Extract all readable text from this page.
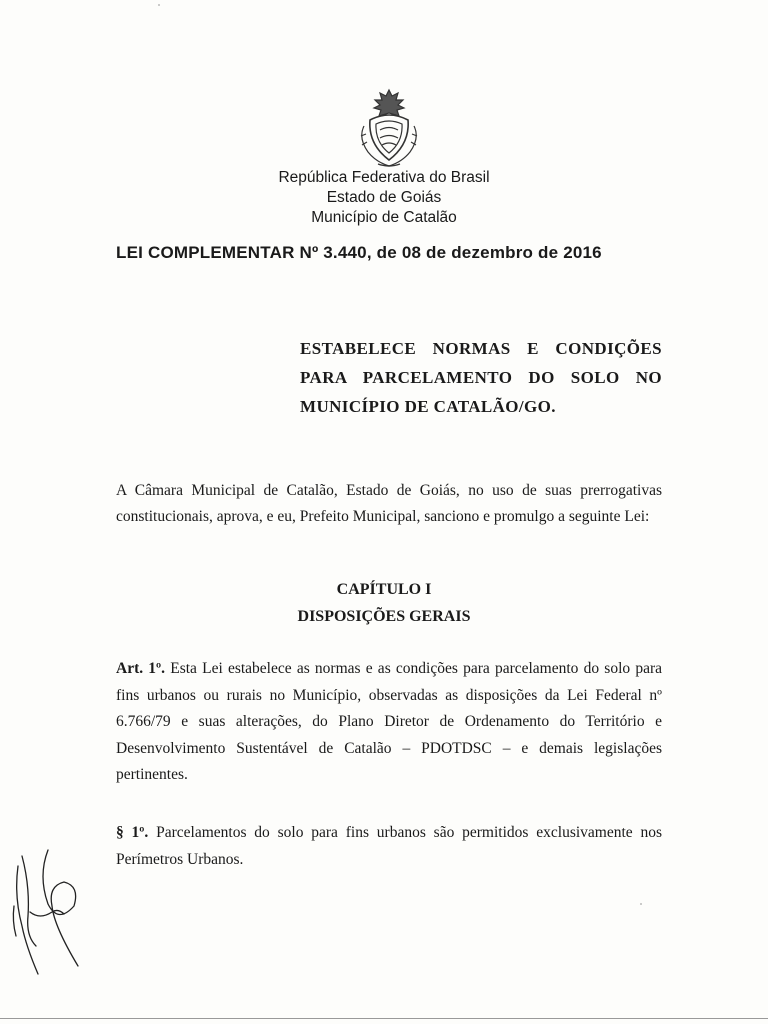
República Federativa do Brasil
Estado de Goiás
Município de Catalão
LEI COMPLEMENTAR Nº 3.440, de 08 de dezembro de 2016
ESTABELECE NORMAS E CONDIÇÕES
PARA PARCELAMENTO DO SOLO NO
MUNICÍPIO DE CATALÃO/GO.
A Câmara Municipal de Catalão, Estado de Goiás, no uso de suas prerrogativas constitucionais, aprova, e eu, Prefeito Municipal, sanciono e promulgo a seguinte Lei:
CAPÍTULO I
DISPOSIÇÕES GERAIS
Art. 1º. Esta Lei estabelece as normas e as condições para parcelamento do solo para fins urbanos ou rurais no Município, observadas as disposições da Lei Federal nº 6.766/79 e suas alterações, do Plano Diretor de Ordenamento do Território e Desenvolvimento Sustentável de Catalão – PDOTDSC – e demais legislações pertinentes.
§ 1º. Parcelamentos do solo para fins urbanos são permitidos exclusivamente nos Perímetros Urbanos.
